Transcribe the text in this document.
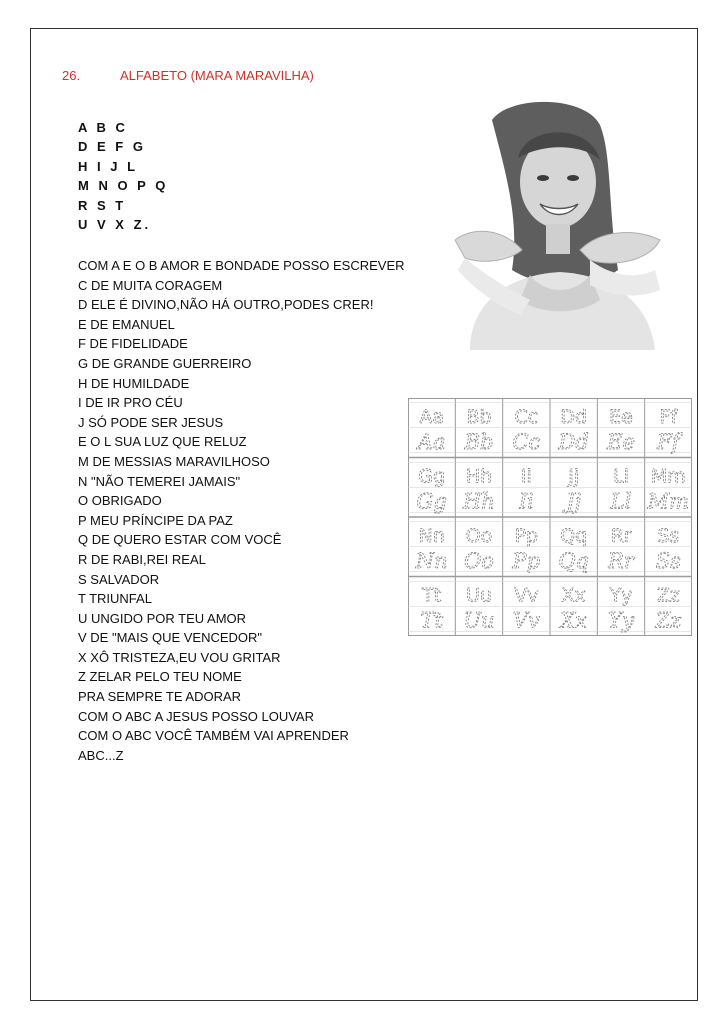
26.	ALFABETO (MARA MARAVILHA)
A B C
D E F G
H I J L
M N O P Q
R S T
U V X Z.
COM A E O B AMOR E BONDADE POSSO ESCREVER
C DE MUITA CORAGEM
D ELE É DIVINO,NÃO HÁ OUTRO,PODES CRER!
E DE EMANUEL
F DE FIDELIDADE
G DE GRANDE GUERREIRO
H DE HUMILDADE
I DE IR PRO CÉU
J SÓ PODE SER JESUS
E O L SUA LUZ QUE RELUZ
M DE MESSIAS MARAVILHOSO
N "NÃO TEMEREI JAMAIS"
O OBRIGADO
P MEU PRÍNCIPE DA PAZ
Q DE QUERO ESTAR COM VOCÊ
R DE RABI,REI REAL
S SALVADOR
T TRIUNFAL
U UNGIDO POR TEU AMOR
V DE "MAIS QUE VENCEDOR"
X XÔ TRISTEZA,EU VOU GRITAR
Z ZELAR PELO TEU NOME
PRA SEMPRE TE ADORAR
COM O ABC A JESUS POSSO LOUVAR
COM O ABC VOCÊ TAMBÉM VAI APRENDER
ABC...Z
Aa Bb Cc Dd Ee Ff
Gg Hh Ii Jj Ll Mm
Nn Oo Pp Qq Rr Ss
Tt Uu Vv Xx Yy Zz
Aa Bb Cc Dd Ee Ff
Gg Hh Ii Jj Ll Mm
Nn Oo Pp Qq Rr Ss
Tt Uu Vv Xx Yy Zz
